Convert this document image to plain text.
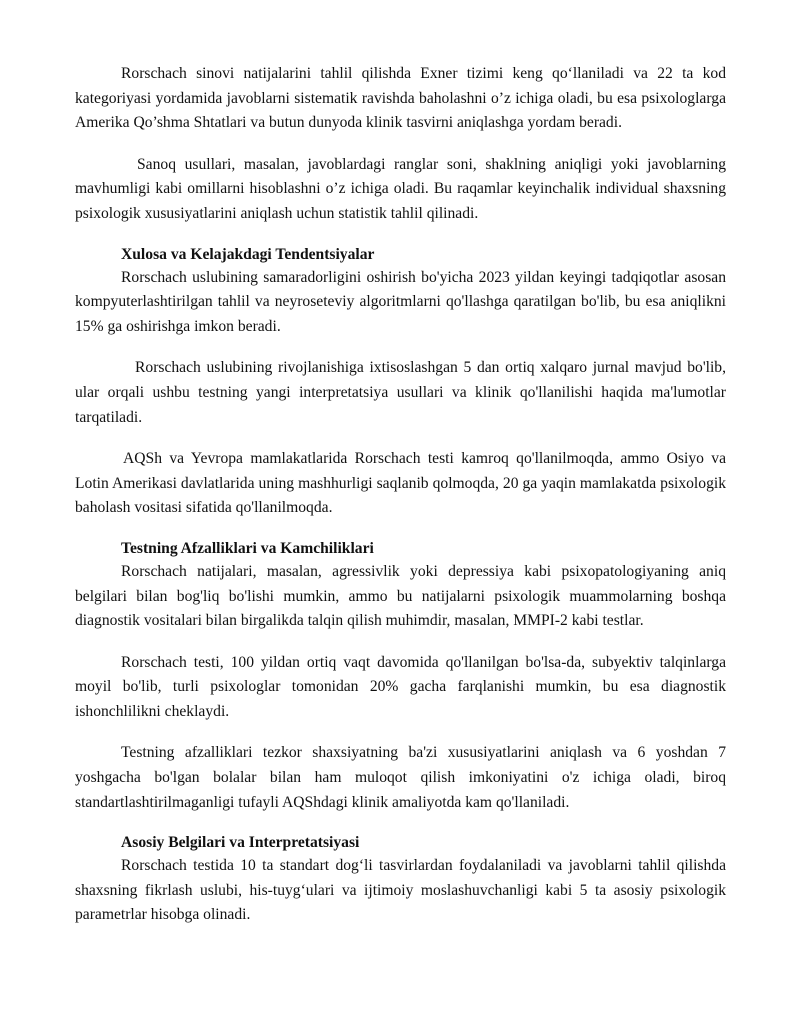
Rorschach sinovi natijalarini tahlil qilishda Exner tizimi keng qo‘llaniladi va 22 ta kod kategoriyasi yordamida javoblarni sistematik ravishda baholashni o’z ichiga oladi, bu esa psixologlarga Amerika Qo’shma Shtatlari va butun dunyoda klinik tasvirni aniqlashga yordam beradi.

Sanoq usullari, masalan, javoblardagi ranglar soni, shaklning aniqligi yoki javoblarning mavhumligi kabi omillarni hisoblashni o’z ichiga oladi. Bu raqamlar keyinchalik individual shaxsning psixologik xususiyatlarini aniqlash uchun statistik tahlil qilinadi.

Xulosa va Kelajakdagi Tendentsiyalar

Rorschach uslubining samaradorligini oshirish bo'yicha 2023 yildan keyingi tadqiqotlar asosan kompyuterlashtirilgan tahlil va neyroseteviy algoritmlarni qo'llashga qaratilgan bo'lib, bu esa aniqlikni 15% ga oshirishga imkon beradi.

Rorschach uslubining rivojlanishiga ixtisoslashgan 5 dan ortiq xalqaro jurnal mavjud bo'lib, ular orqali ushbu testning yangi interpretatsiya usullari va klinik qo'llanilishi haqida ma'lumotlar tarqatiladi.

AQSh va Yevropa mamlakatlarida Rorschach testi kamroq qo'llanilmoqda, ammo Osiyo va Lotin Amerikasi davlatlarida uning mashhurligi saqlanib qolmoqda, 20 ga yaqin mamlakatda psixologik baholash vositasi sifatida qo'llanilmoqda.

Testning Afzalliklari va Kamchiliklari

Rorschach natijalari, masalan, agressivlik yoki depressiya kabi psixopatologiyaning aniq belgilari bilan bog'liq bo'lishi mumkin, ammo bu natijalarni psixologik muammolarning boshqa diagnostik vositalari bilan birgalikda talqin qilish muhimdir, masalan, MMPI-2 kabi testlar.

Rorschach testi, 100 yildan ortiq vaqt davomida qo'llanilgan bo'lsa-da, subyektiv talqinlarga moyil bo'lib, turli psixologlar tomonidan 20% gacha farqlanishi mumkin, bu esa diagnostik ishonchlilikni cheklaydi.

Testning afzalliklari tezkor shaxsiyatning ba'zi xususiyatlarini aniqlash va 6 yoshdan 7 yoshgacha bo'lgan bolalar bilan ham muloqot qilish imkoniyatini o'z ichiga oladi, biroq standartlashtirilmaganligi tufayli AQShdagi klinik amaliyotda kam qo'llaniladi.

Asosiy Belgilari va Interpretatsiyasi

Rorschach testida 10 ta standart dog‘li tasvirlardan foydalaniladi va javoblarni tahlil qilishda shaxsning fikrlash uslubi, his-tuyg‘ulari va ijtimoiy moslashuvchanligi kabi 5 ta asosiy psixologik parametrlar hisobga olinadi.
